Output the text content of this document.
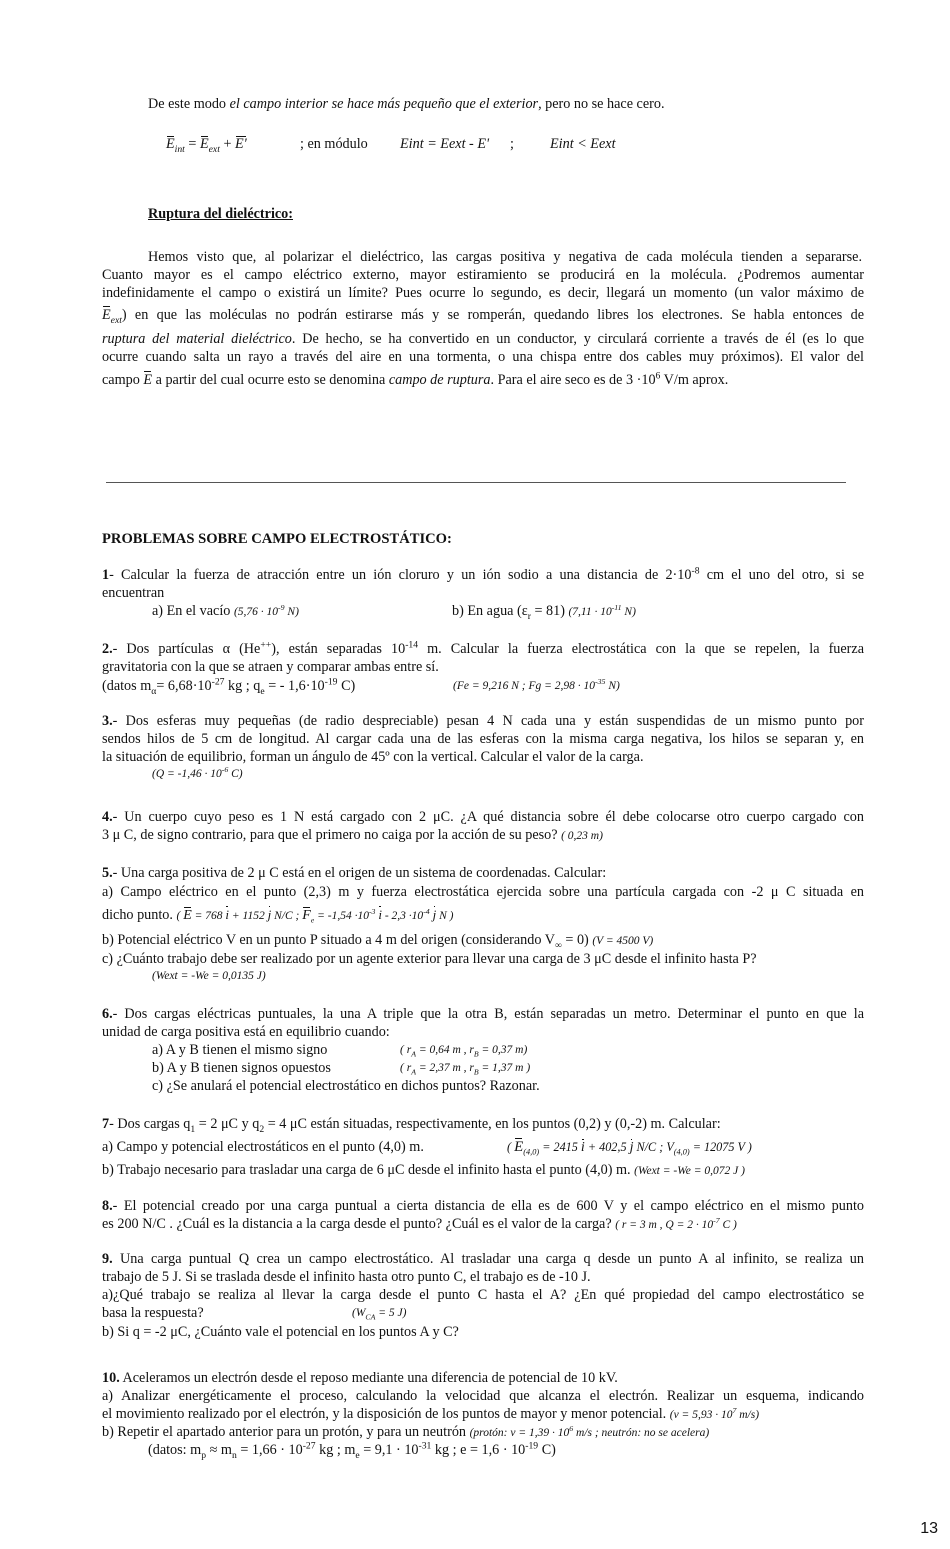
De este modo el campo interior se hace más pequeño que el exterior, pero no se hace cero.
$E_{int} = E_{ext} + E'$	; en módulo Eint = Eext - E' ;	Eint < Eext
Ruptura del dieléctrico:
Hemos visto que, al polarizar el dieléctrico, las cargas positiva y negativa de cada molécula tienden a separarse.
Cuanto mayor es el campo eléctrico externo, mayor estiramiento se producirá en la molécula. ¿Podremos aumentar
indefinidamente el campo o existirá un límite? Pues ocurre lo segundo, es decir, llegará un momento (un valor máximo de
$E_{ext}$) en que las moléculas no podrán estirarse más y se romperán, quedando libres los electrones. Se habla entonces de
ruptura del material dieléctrico. De hecho, se ha convertido en un conductor, y circulará corriente a través de él (es lo que
ocurre cuando salta un rayo a través del aire en una tormenta, o una chispa entre dos cables muy próximos). El valor del
campo E a partir del cual ocurre esto se denomina campo de ruptura. Para el aire seco es de $3 \cdot 10^6$ V/m aprox.
PROBLEMAS SOBRE CAMPO ELECTROSTÁTICO:
1- Calcular la fuerza de atracción entre un ión cloruro y un ión sodio a una distancia de $2\cdot 10^{-8}$ cm el uno del otro, si se
encuentran
a) En el vacío ($5,76 \cdot 10^{-9}$ N)	b) En agua $(\varepsilon_r = 81) (7,11 \cdot 10^{-11}$ N)
2.- Dos partículas α (He++), están separadas $10^{-14}$ m. Calcular la fuerza electrostática con la que se repelen, la fuerza
gravitatoria con la que se atraen y comparar ambas entre sí.
(datos $m_\alpha= 6,68\cdot 10^{-27}$ kg ; $q_e$ = - $1,6\cdot 10^{-19}$ C)	(Fe = 9,216 N ; $Fg = 2,98 \cdot 10^{-35}$ N)
3.- Dos esferas muy pequeñas (de radio despreciable) pesan 4 N cada una y están suspendidas de un mismo punto por
sendos hilos de 5 cm de longitud. Al cargar cada una de las esferas con la misma carga negativa, los hilos se separan y, en
la situación de equilibrio, forman un ángulo de 45º con la vertical. Calcular el valor de la carga.
($Q = -1,46 \cdot 10^{-6}$ C)
4.- Un cuerpo cuyo peso es 1 N está cargado con 2 μC. ¿A qué distancia sobre él debe colocarse otro cuerpo cargado con
3 μ C, de signo contrario, para que el primero no caiga por la acción de su peso? ( 0,23 m)
5.- Una carga positiva de 2 μ C está en el origen de un sistema de coordenadas. Calcular:
a) Campo eléctrico en el punto (2,3) m y fuerza electrostática ejercida sobre una partícula cargada con -2 μ C situada en
dicho punto. ( E = 768 i + 1152 j N/C ; $F_e = -1,54 \cdot 10^{-3}$ $i - 2,3 \cdot 10^{-4}$ j N )
b) Potencial eléctrico V en un punto P situado a 4 m del origen (considerando $V_\infty = 0$) (V = 4500 V)
c) ¿Cuánto trabajo debe ser realizado por un agente exterior para llevar una carga de 3 μC desde el infinito hasta P?
(Wext = -We = 0,0135 J)
6.- Dos cargas eléctricas puntuales, la una A triple que la otra B, están separadas un metro. Determinar el punto en que la
unidad de carga positiva está en equilibrio cuando:
a) A y B tienen el mismo signo	( $r_A = 0,64$ m , $r_B = 0,37$ m)
b) A y B tienen signos opuestos	( $r_A = 2,37$ m , $r_B = 1,37$ m )
c) ¿Se anulará el potencial electrostático en dichos puntos? Razonar.
7- Dos cargas $q_1 = 2$ μC y $q_2 = 4$ μC están situadas, respectivamente, en los puntos (0,2) y (0,-2) m. Calcular:
a) Campo y potencial electrostáticos en el punto (4,0) m.	( $E_{(4,0)} = 2415$ i + 402,5 j N/C ; $V_{(4,0)} = 12075$ V )
b) Trabajo necesario para trasladar una carga de 6 μC desde el infinito hasta el punto (4,0) m. (Wext = -We = 0,072 J )
8.- El potencial creado por una carga puntual a cierta distancia de ella es de 600 V y el campo eléctrico en el mismo punto
es 200 N/C . ¿Cuál es la distancia a la carga desde el punto? ¿Cuál es el valor de la carga? ( r = 3 m , $Q = 2 \cdot 10^{-7}$ C )
9. Una carga puntual Q crea un campo electrostático. Al trasladar una carga q desde un punto A al infinito, se realiza un
trabajo de 5 J. Si se traslada desde el infinito hasta otro punto C, el trabajo es de -10 J.
a)¿Qué trabajo se realiza al llevar la carga desde el punto C hasta el A? ¿En qué propiedad del campo electrostático se
basa la respuesta?	($W_{CA} = 5$ J)
b) Si q = -2 μC, ¿Cuánto vale el potencial en los puntos A y C?
10. Aceleramos un electrón desde el reposo mediante una diferencia de potencial de 10 kV.
a) Analizar energéticamente el proceso, calculando la velocidad que alcanza el electrón. Realizar un esquema, indicando
el movimiento realizado por el electrón, y la disposición de los puntos de mayor y menor potencial. ($v = 5,93 \cdot 10^7$ m/s)
b) Repetir el apartado anterior para un protón, y para un neutrón (protón: $v = 1,39 \cdot 10^6$ m/s ; neutrón: no se acelera)
(datos: $m_p \approx m_n = 1,66 \cdot 10^{-27}$ kg ; $m_e = 9,1 \cdot 10^{-31}$ kg ; $e = 1,6 \cdot 10^{-19}$ C)
13
